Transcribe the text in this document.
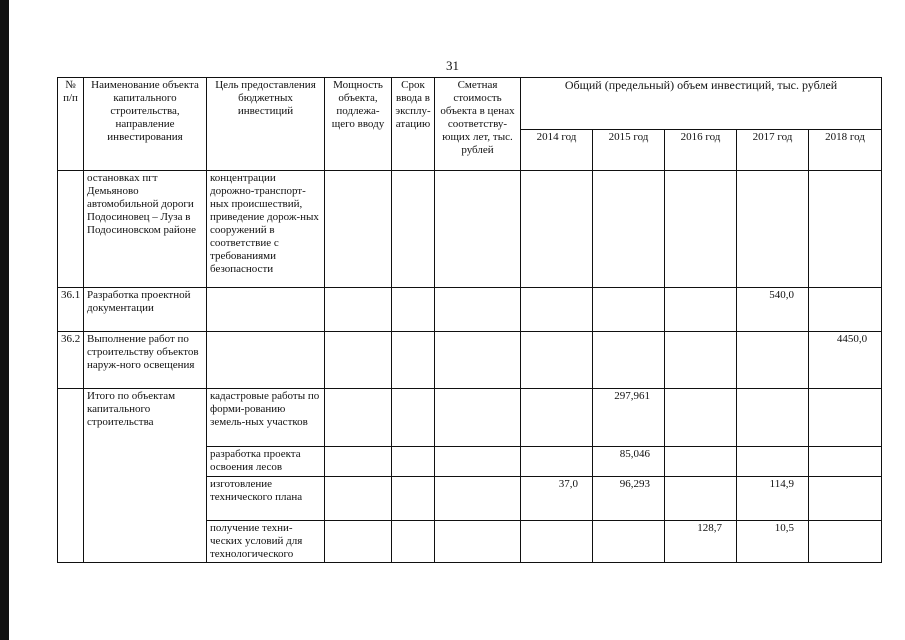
31
№ п/п	Наименование объекта капитального строительства, направление инвестирования	Цель предоставления бюджетных инвестиций	Мощность объекта, подлежа-щего вводу	Срок ввода в эксплу-атацию	Сметная стоимость объекта в ценах соответству-ющих лет, тыс. рублей	Общий (предельный) объем инвестиций, тыс. рублей				
						2014 год	2015 год	2016 год	2017 год	2018 год
	остановках пгт Демьяново автомобильной дороги Подосиновец – Луза в Подосиновском районе	концентрации дорожно-транспорт-ных происшествий, приведение дорож-ных сооружений в соответствие с требованиями безопасности								
36.1	Разработка проектной документации								540,0	
36.2	Выполнение работ по строительству объектов наруж-ного освещения									4450,0
	Итого по объектам капитального строительства	кадастровые работы по форми-рованию земель-ных участков					297,961			
		разработка проекта освоения лесов					85,046			
		изготовление технического плана				37,0	96,293		114,9	
		получение техни-ческих условий для технологического						128,7	10,5	
